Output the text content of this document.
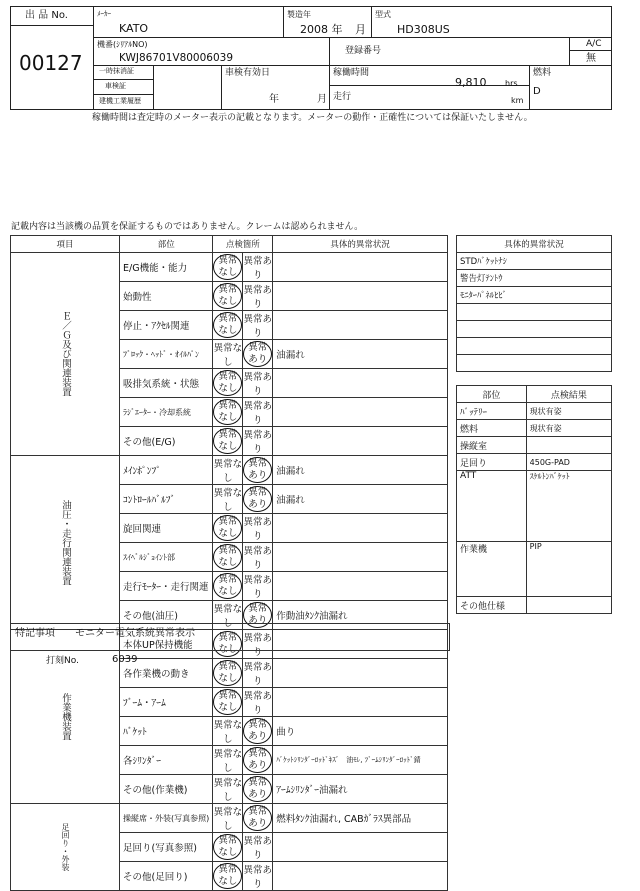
出 品 No.
00127
ﾒｰｶｰ
KATO
製造年
2008 年 月
型式
HD308US
機番(ｼﾘｱﾙNO)
KWJ86701V80006039
登録番号
A/C
無
一時抹消証
車検証
建機工業履歴
車検有効日
年	月
稼働時間
9,810 hrs
走行	km
燃料
D
稼働時間は査定時のメーター表示の記載となります。メーターの動作・正確性については保証いたしません。
記載内容は当該機の品質を保証するものではありません。クレームは認められません。
項目	部位	点検箇所		具体的異常状況
Ｅ／Ｇ及び関連装置	E/G機能・能力	異常なし	異常あり	
	始動性	異常なし	異常あり	
	停止・ｱｸｾﾙ関連	異常なし	異常あり	
	ﾌﾞﾛｯｸ・ﾍｯﾄﾞ・ｵｲﾙﾊﾟﾝ	異常なし	異常あり	油漏れ
	吸排気系統・状態	異常なし	異常あり	
	ﾗｼﾞｴｰﾀｰ・冷却系統	異常なし	異常あり	
	その他(E/G)	異常なし	異常あり	
油圧・走行関連装置	ﾒｲﾝﾎﾟﾝﾌﾟ	異常なし	異常あり	油漏れ
	ｺﾝﾄﾛｰﾙﾊﾞﾙﾌﾞ	異常なし	異常あり	油漏れ
	旋回関連	異常なし	異常あり	
	ｽｲﾍﾞﾙｼﾞｮｲﾝﾄ部	異常なし	異常あり	
	走行ﾓｰﾀｰ・走行関連	異常なし	異常あり	
	その他(油圧)	異常なし	異常あり	作動油ﾀﾝｸ油漏れ
作業機装置	本体UP保持機能	異常なし	異常あり	
	各作業機の動き	異常なし	異常あり	
	ﾌﾞｰﾑ・ｱｰﾑ	異常なし	異常あり	
	ﾊﾞｹｯﾄ	異常なし	異常あり	曲り
	各ｼﾘﾝﾀﾞｰ	異常なし	異常あり	ﾊﾞｹｯﾄｼﾘﾝﾀﾞｰﾛｯﾄﾞｷｽﾞ　油ﾓﾚ, ﾌﾞｰﾑｼﾘﾝﾀﾞｰﾛｯﾄﾞ錆
	その他(作業機)	異常なし	異常あり	ｱｰﾑｼﾘﾝﾀﾞｰ油漏れ
足回り・外装	操縦席・外装(写真参照)	異常なし	異常あり	燃料ﾀﾝｸ油漏れ, CABｶﾞﾗｽ異部品
	足回り(写真参照)	異常なし	異常あり	
	その他(足回り)	異常なし	異常あり	
具体的異常状況
STDﾊﾞｹｯﾄﾅｼ
警告灯ﾃﾝﾄｳ
ﾓﾆﾀｰﾊﾟﾈﾙﾋﾋﾞ

部位	点検結果
ﾊﾞｯﾃﾘｰ	現状有姿
燃料	現状有姿
操縦室	
足回り	450G-PAD
ATT	ｽｹﾙﾄﾝﾊﾞｹｯﾄ
作業機	PIP
その他仕様	
特記事項 モニター電気系統異常表示
打刻No.	6039
